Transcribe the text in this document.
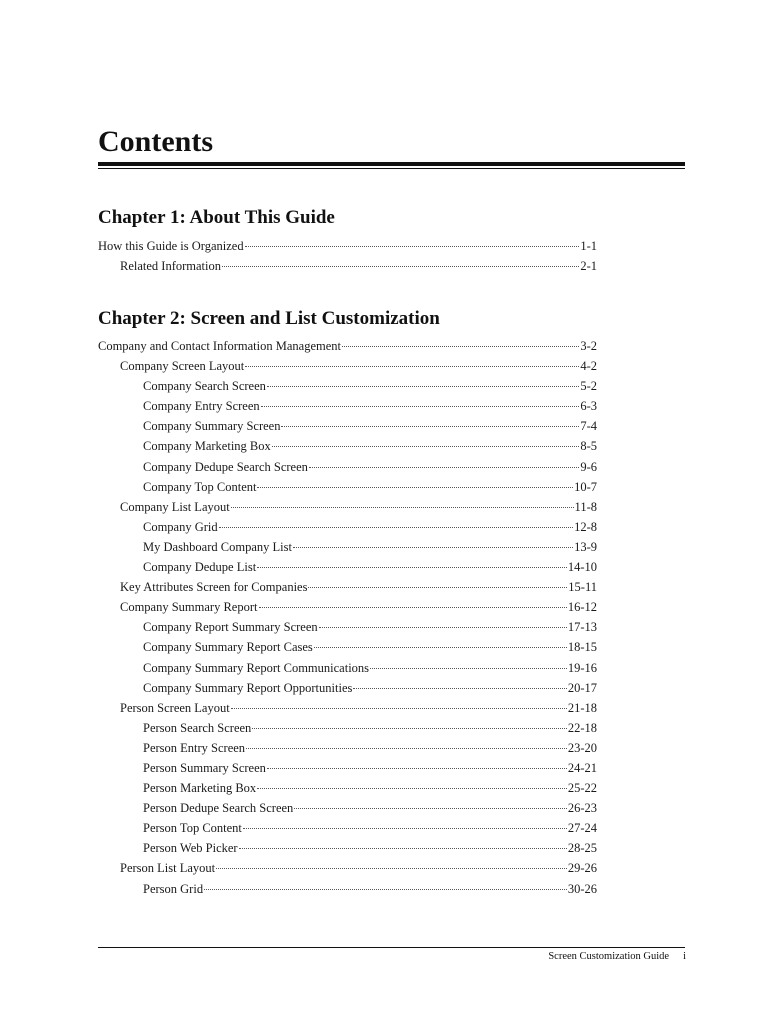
Contents
Chapter 1: About This Guide
How this Guide is Organized	1-1
Related Information	2-1
Chapter 2: Screen and List Customization
Company and Contact Information Management	3-2
Company Screen Layout	4-2
Company Search Screen	5-2
Company Entry Screen	6-3
Company Summary Screen	7-4
Company Marketing Box	8-5
Company Dedupe Search Screen	9-6
Company Top Content	10-7
Company List Layout	11-8
Company Grid	12-8
My Dashboard Company List	13-9
Company Dedupe List	14-10
Key Attributes Screen for Companies	15-11
Company Summary Report	16-12
Company Report Summary Screen	17-13
Company Summary Report Cases	18-15
Company Summary Report Communications	19-16
Company Summary Report Opportunities	20-17
Person Screen Layout	21-18
Person Search Screen	22-18
Person Entry Screen	23-20
Person Summary Screen	24-21
Person Marketing Box	25-22
Person Dedupe Search Screen	26-23
Person Top Content	27-24
Person Web Picker	28-25
Person List Layout	29-26
Person Grid	30-26
Screen Customization Guide i
